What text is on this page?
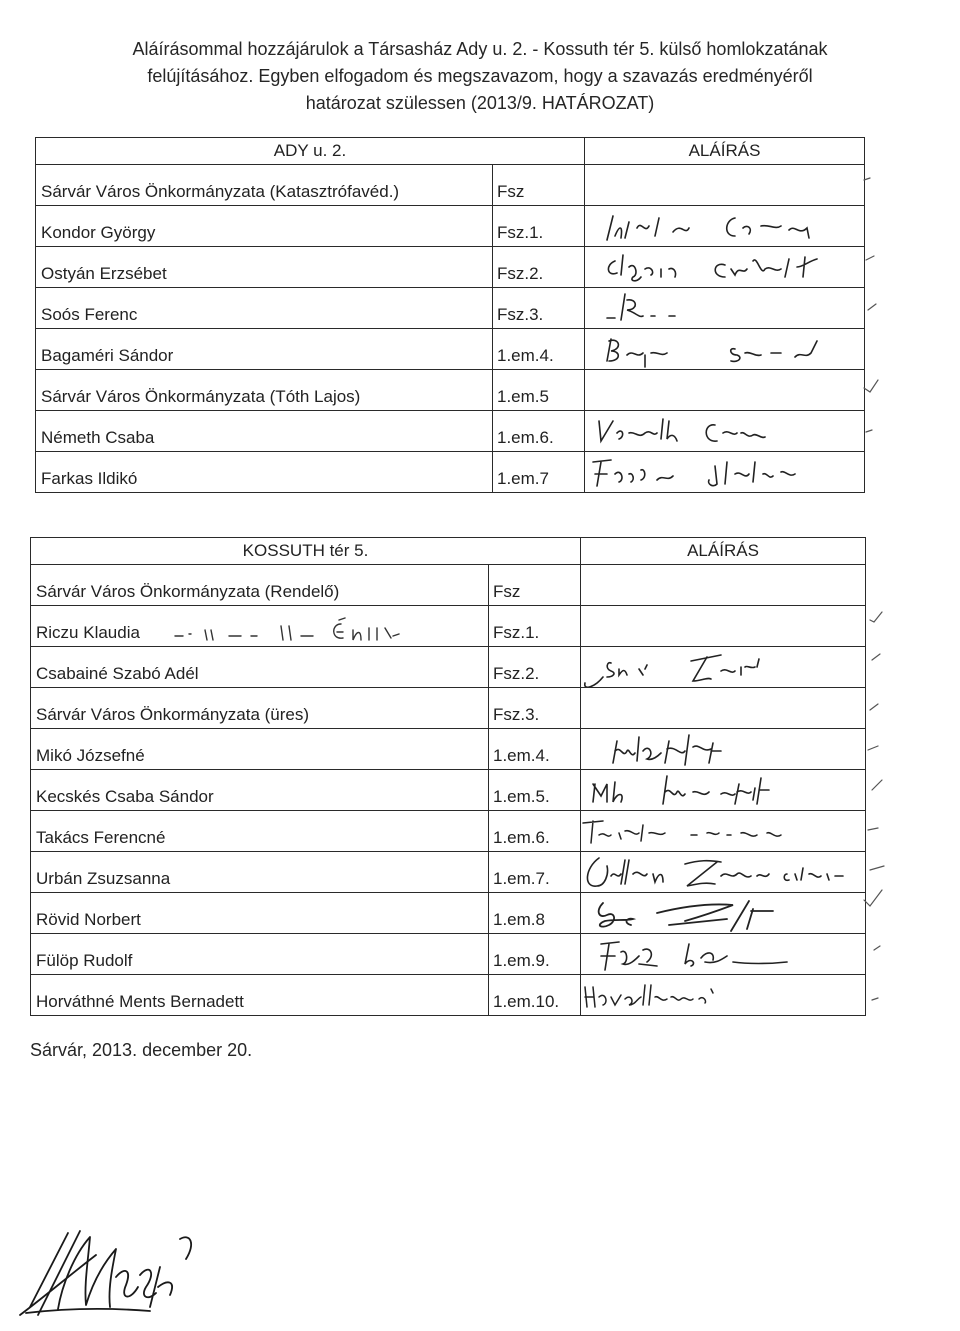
Aláírásommal hozzájárulok a Társasház Ady u. 2. - Kossuth tér 5. külső homlokzatának
felújításához. Egyben elfogadom és megszavazom, hogy a szavazás eredményéről
határozat szülessen (2013/9. HATÁROZAT)
ADY u. 2.		ALÁÍRÁS
Sárvár Város Önkormányzata (Katasztrófavéd.)	Fsz	
Kondor György	Fsz.1.	

Ostyán Erzsébet	Fsz.2.	

Soós Ferenc	Fsz.3.	

Bagaméri Sándor	1.em.4.	

Sárvár Város Önkormányzata (Tóth Lajos)	1.em.5	
Németh Csaba	1.em.6.	

Farkas Ildikó	1.em.7	
KOSSUTH tér 5.		ALÁÍRÁS
Sárvár Város Önkormányzata (Rendelő)	Fsz	
Riczu Klaudia	Fsz.1.	
Csabainé Szabó Adél	Fsz.2.	

Sárvár Város Önkormányzata (üres)	Fsz.3.	
Mikó Józsefné	1.em.4.	

Kecskés Csaba Sándor	1.em.5.	

Takács Ferencné	1.em.6.	

Urbán Zsuzsanna	1.em.7.	

Rövid Norbert	1.em.8	

Fülöp Rudolf	1.em.9.	

Horváthné Ments Bernadett	1.em.10.	
Sárvár, 2013. december 20.
